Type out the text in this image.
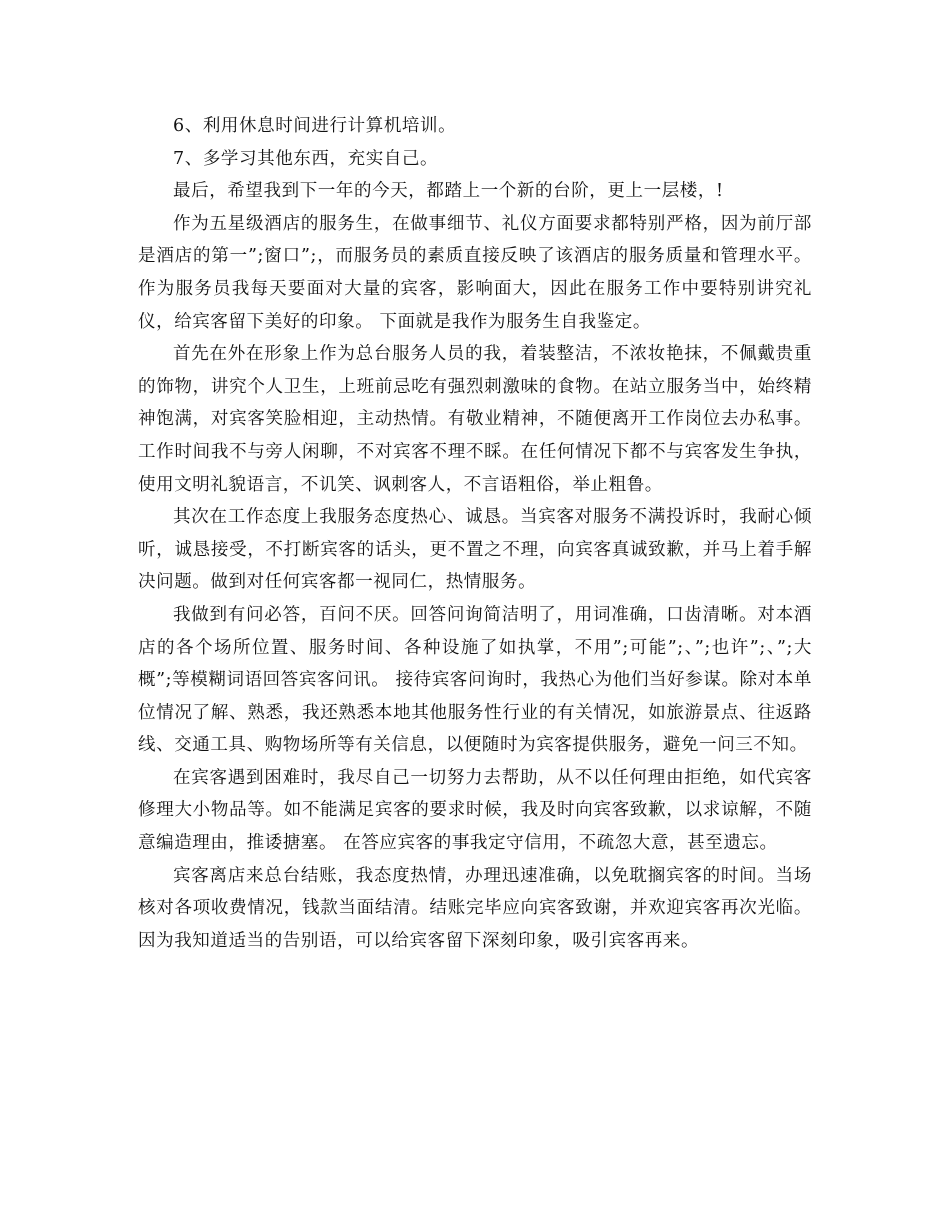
6、利用休息时间进行计算机培训。

7、多学习其他东西，充实自己。

最后，希望我到下一年的今天，都踏上一个新的台阶，更上一层楼，!

作为五星级酒店的服务生，在做事细节、礼仪方面要求都特别严格，因为前厅部是酒店的第一”;窗口”;，而服务员的素质直接反映了该酒店的服务质量和管理水平。作为服务员我每天要面对大量的宾客，影响面大，因此在服务工作中要特别讲究礼仪，给宾客留下美好的印象。 下面就是我作为服务生自我鉴定。

首先在外在形象上作为总台服务人员的我，着装整洁，不浓妆艳抹，不佩戴贵重的饰物，讲究个人卫生，上班前忌吃有强烈刺激味的食物。在站立服务当中，始终精神饱满，对宾客笑脸相迎，主动热情。有敬业精神，不随便离开工作岗位去办私事。工作时间我不与旁人闲聊，不对宾客不理不睬。在任何情况下都不与宾客发生争执，使用文明礼貌语言，不讥笑、讽刺客人，不言语粗俗，举止粗鲁。

其次在工作态度上我服务态度热心、诚恳。当宾客对服务不满投诉时，我耐心倾听，诚恳接受，不打断宾客的话头，更不置之不理，向宾客真诚致歉，并马上着手解决问题。做到对任何宾客都一视同仁，热情服务。

我做到有问必答，百问不厌。回答问询简洁明了，用词准确，口齿清晰。对本酒店的各个场所位置、服务时间、各种设施了如执掌，不用”;可能”;、”;也许”;、”;大概”;等模糊词语回答宾客问讯。 接待宾客问询时，我热心为他们当好参谋。除对本单位情况了解、熟悉，我还熟悉本地其他服务性行业的有关情况，如旅游景点、往返路线、交通工具、购物场所等有关信息，以便随时为宾客提供服务，避免一问三不知。

在宾客遇到困难时，我尽自己一切努力去帮助，从不以任何理由拒绝，如代宾客修理大小物品等。如不能满足宾客的要求时候，我及时向宾客致歉，以求谅解，不随意编造理由，推诿搪塞。 在答应宾客的事我定守信用，不疏忽大意，甚至遗忘。

宾客离店来总台结账，我态度热情，办理迅速准确，以免耽搁宾客的时间。当场核对各项收费情况，钱款当面结清。结账完毕应向宾客致谢，并欢迎宾客再次光临。因为我知道适当的告别语，可以给宾客留下深刻印象，吸引宾客再来。
